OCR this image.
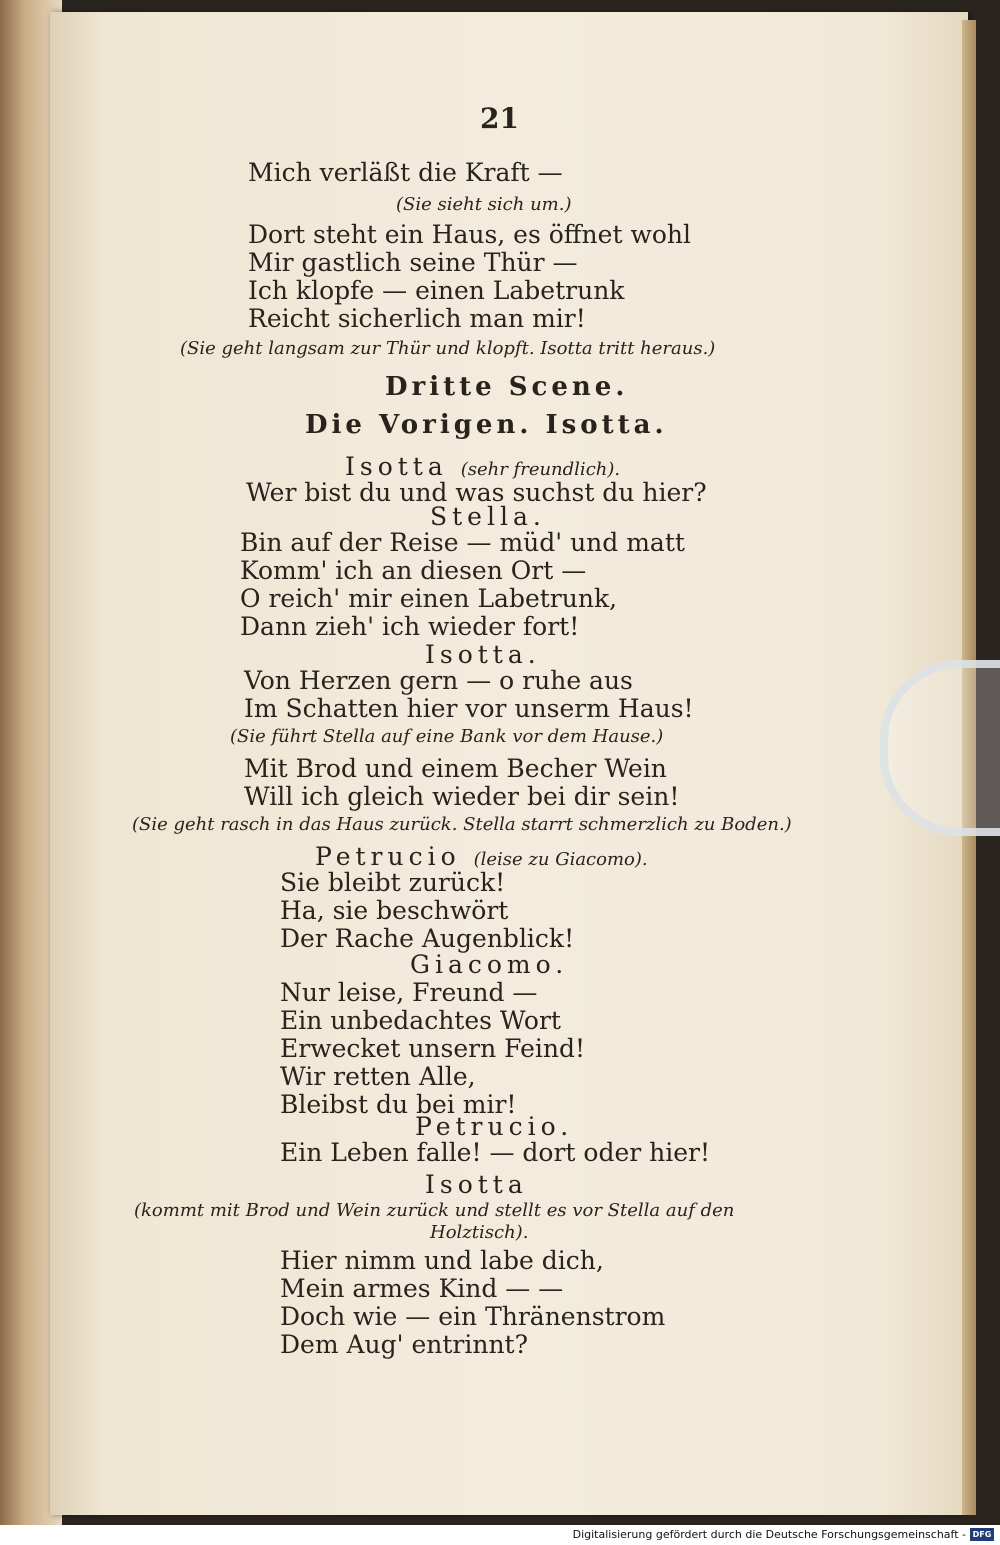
21
Mich verläßt die Kraft —
(Sie sieht sich um.)
Dort steht ein Haus, es öffnet wohl
Mir gastlich seine Thür —
Ich klopfe — einen Labetrunk
Reicht sicherlich man mir!
(Sie geht langsam zur Thür und klopft. Isotta tritt heraus.)
Dritte Scene.
Die Vorigen. Isotta.
Isotta (sehr freundlich).
Wer bist du und was suchst du hier?
Stella.
Bin auf der Reise — müd' und matt
Komm' ich an diesen Ort —
O reich' mir einen Labetrunk,
Dann zieh' ich wieder fort!
Isotta.
Von Herzen gern — o ruhe aus
Im Schatten hier vor unserm Haus!
(Sie führt Stella auf eine Bank vor dem Hause.)
Mit Brod und einem Becher Wein
Will ich gleich wieder bei dir sein!
(Sie geht rasch in das Haus zurück. Stella starrt schmerzlich zu Boden.)
Petrucio (leise zu Giacomo).
Sie bleibt zurück!
Ha, sie beschwört
Der Rache Augenblick!
Giacomo.
Nur leise, Freund —
Ein unbedachtes Wort
Erwecket unsern Feind!
Wir retten Alle,
Bleibst du bei mir!
Petrucio.
Ein Leben falle! — dort oder hier!
Isotta
(kommt mit Brod und Wein zurück und stellt es vor Stella auf den
Holztisch).
Hier nimm und labe dich,
Mein armes Kind — —
Doch wie — ein Thränenstrom
Dem Aug' entrinnt?
Digitalisierung gefördert durch die Deutsche Forschungsgemeinschaft - DFG
